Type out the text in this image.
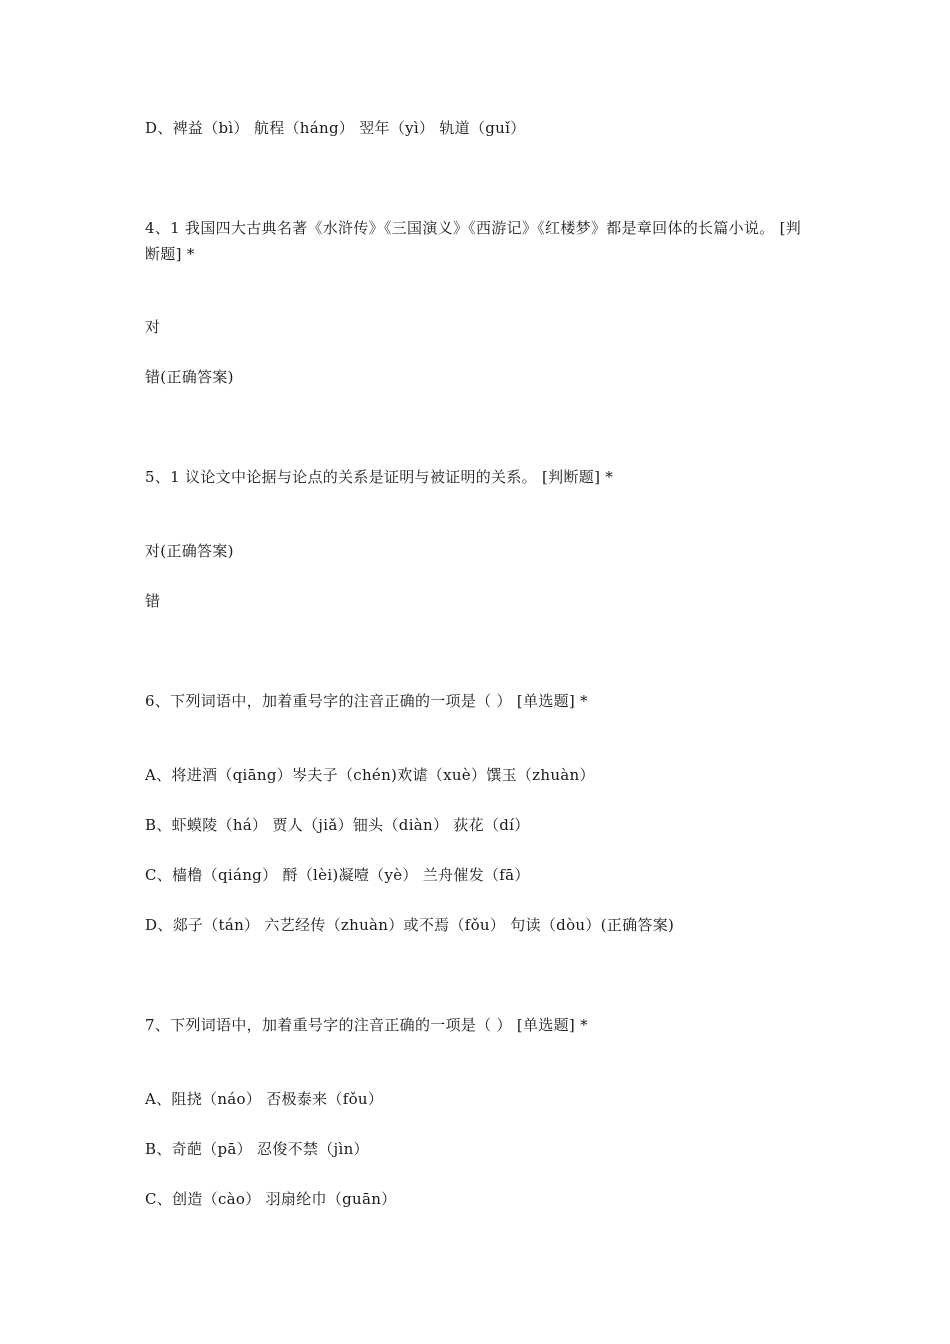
D、裨益（bì） 航程（háng） 翌年（yì） 轨道（guǐ）
4、1 我国四大古典名著《水浒传》《三国演义》《西游记》《红楼梦》都是章回体的长篇小说。 [判断题] *
对
错(正确答案)
5、1 议论文中论据与论点的关系是证明与被证明的关系。 [判断题] *
对(正确答案)
错
6、下列词语中，加着重号字的注音正确的一项是（ ） [单选题] *
A、将进酒（qiāng）岑夫子（chén)欢谑（xuè）馔玉（zhuàn）
B、虾蟆陵（há） 贾人（jiǎ）钿头（diàn） 荻花（dí）
C、樯橹（qiáng） 酹（lèi)凝噎（yè） 兰舟催发（fā）
D、郯子（tán） 六艺经传（zhuàn）或不焉（fǒu） 句读（dòu）(正确答案)
7、下列词语中，加着重号字的注音正确的一项是（ ） [单选题] *
A、阻挠（náo） 否极泰来（fǒu）
B、奇葩（pā） 忍俊不禁（jìn）
C、创造（cào） 羽扇纶巾（guān）
